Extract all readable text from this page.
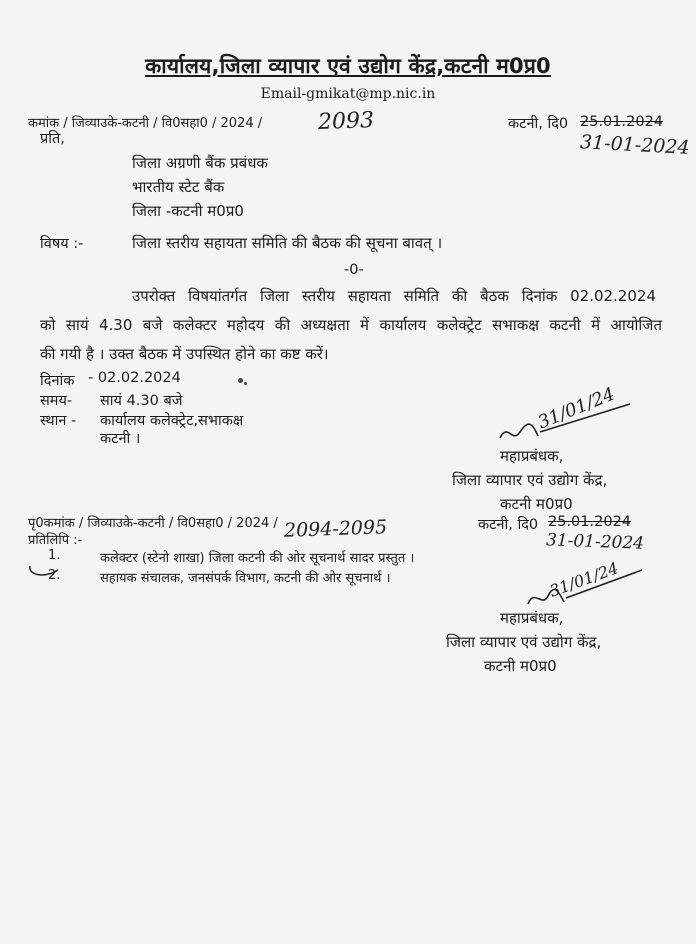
कार्यालय,जिला व्यापार एवं उद्योग केंद्र,कटनी म0प्र0
Email-gmikat@mp.nic.in
कमांक / जिव्याउके-कटनी / वि0सहा0 / 2024 /	2093	कटनी, दि0 25.01.2024
31-01-2024
प्रति,
जिला अग्रणी बैंक प्रबंधक
भारतीय स्टेट बैंक
जिला -कटनी म0प्र0
विषय :-	जिला स्तरीय सहायता समिति की बैठक की सूचना बावत् ।
-0-
उपरोक्त विषयांतर्गत जिला स्तरीय सहायता समिति की बैठक दिनांक 02.02.2024
को सायं 4.30 बजे कलेक्टर महोदय की अध्यक्षता में कार्यालय कलेक्ट्रेट सभाकक्ष कटनी में आयोजित
की गयी है । उक्त बैठक में उपस्थित होने का कष्ट करें।
दिनांक - 02.02.2024
समय- सायं 4.30 बजे
स्थान - कार्यालय कलेक्ट्रेट,सभाकक्ष
कटनी ।
31/01/24
महाप्रबंधक,
जिला व्यापार एवं उद्योग केंद्र,
कटनी म0प्र0
पृ0कमांक / जिव्याउके-कटनी / वि0सहा0 / 2024 / 2094-2095	कटनी, दि0 25.01.2024
31-01-2024
प्रतिलिपि :-
1.	कलेक्टर (स्टेनो शाखा) जिला कटनी की ओर सूचनार्थ सादर प्रस्तुत ।
2.	सहायक संचालक, जनसंपर्क विभाग, कटनी की ओर सूचनार्थ ।	31/01/24
महाप्रबंधक,
जिला व्यापार एवं उद्योग केंद्र,
कटनी म0प्र0
